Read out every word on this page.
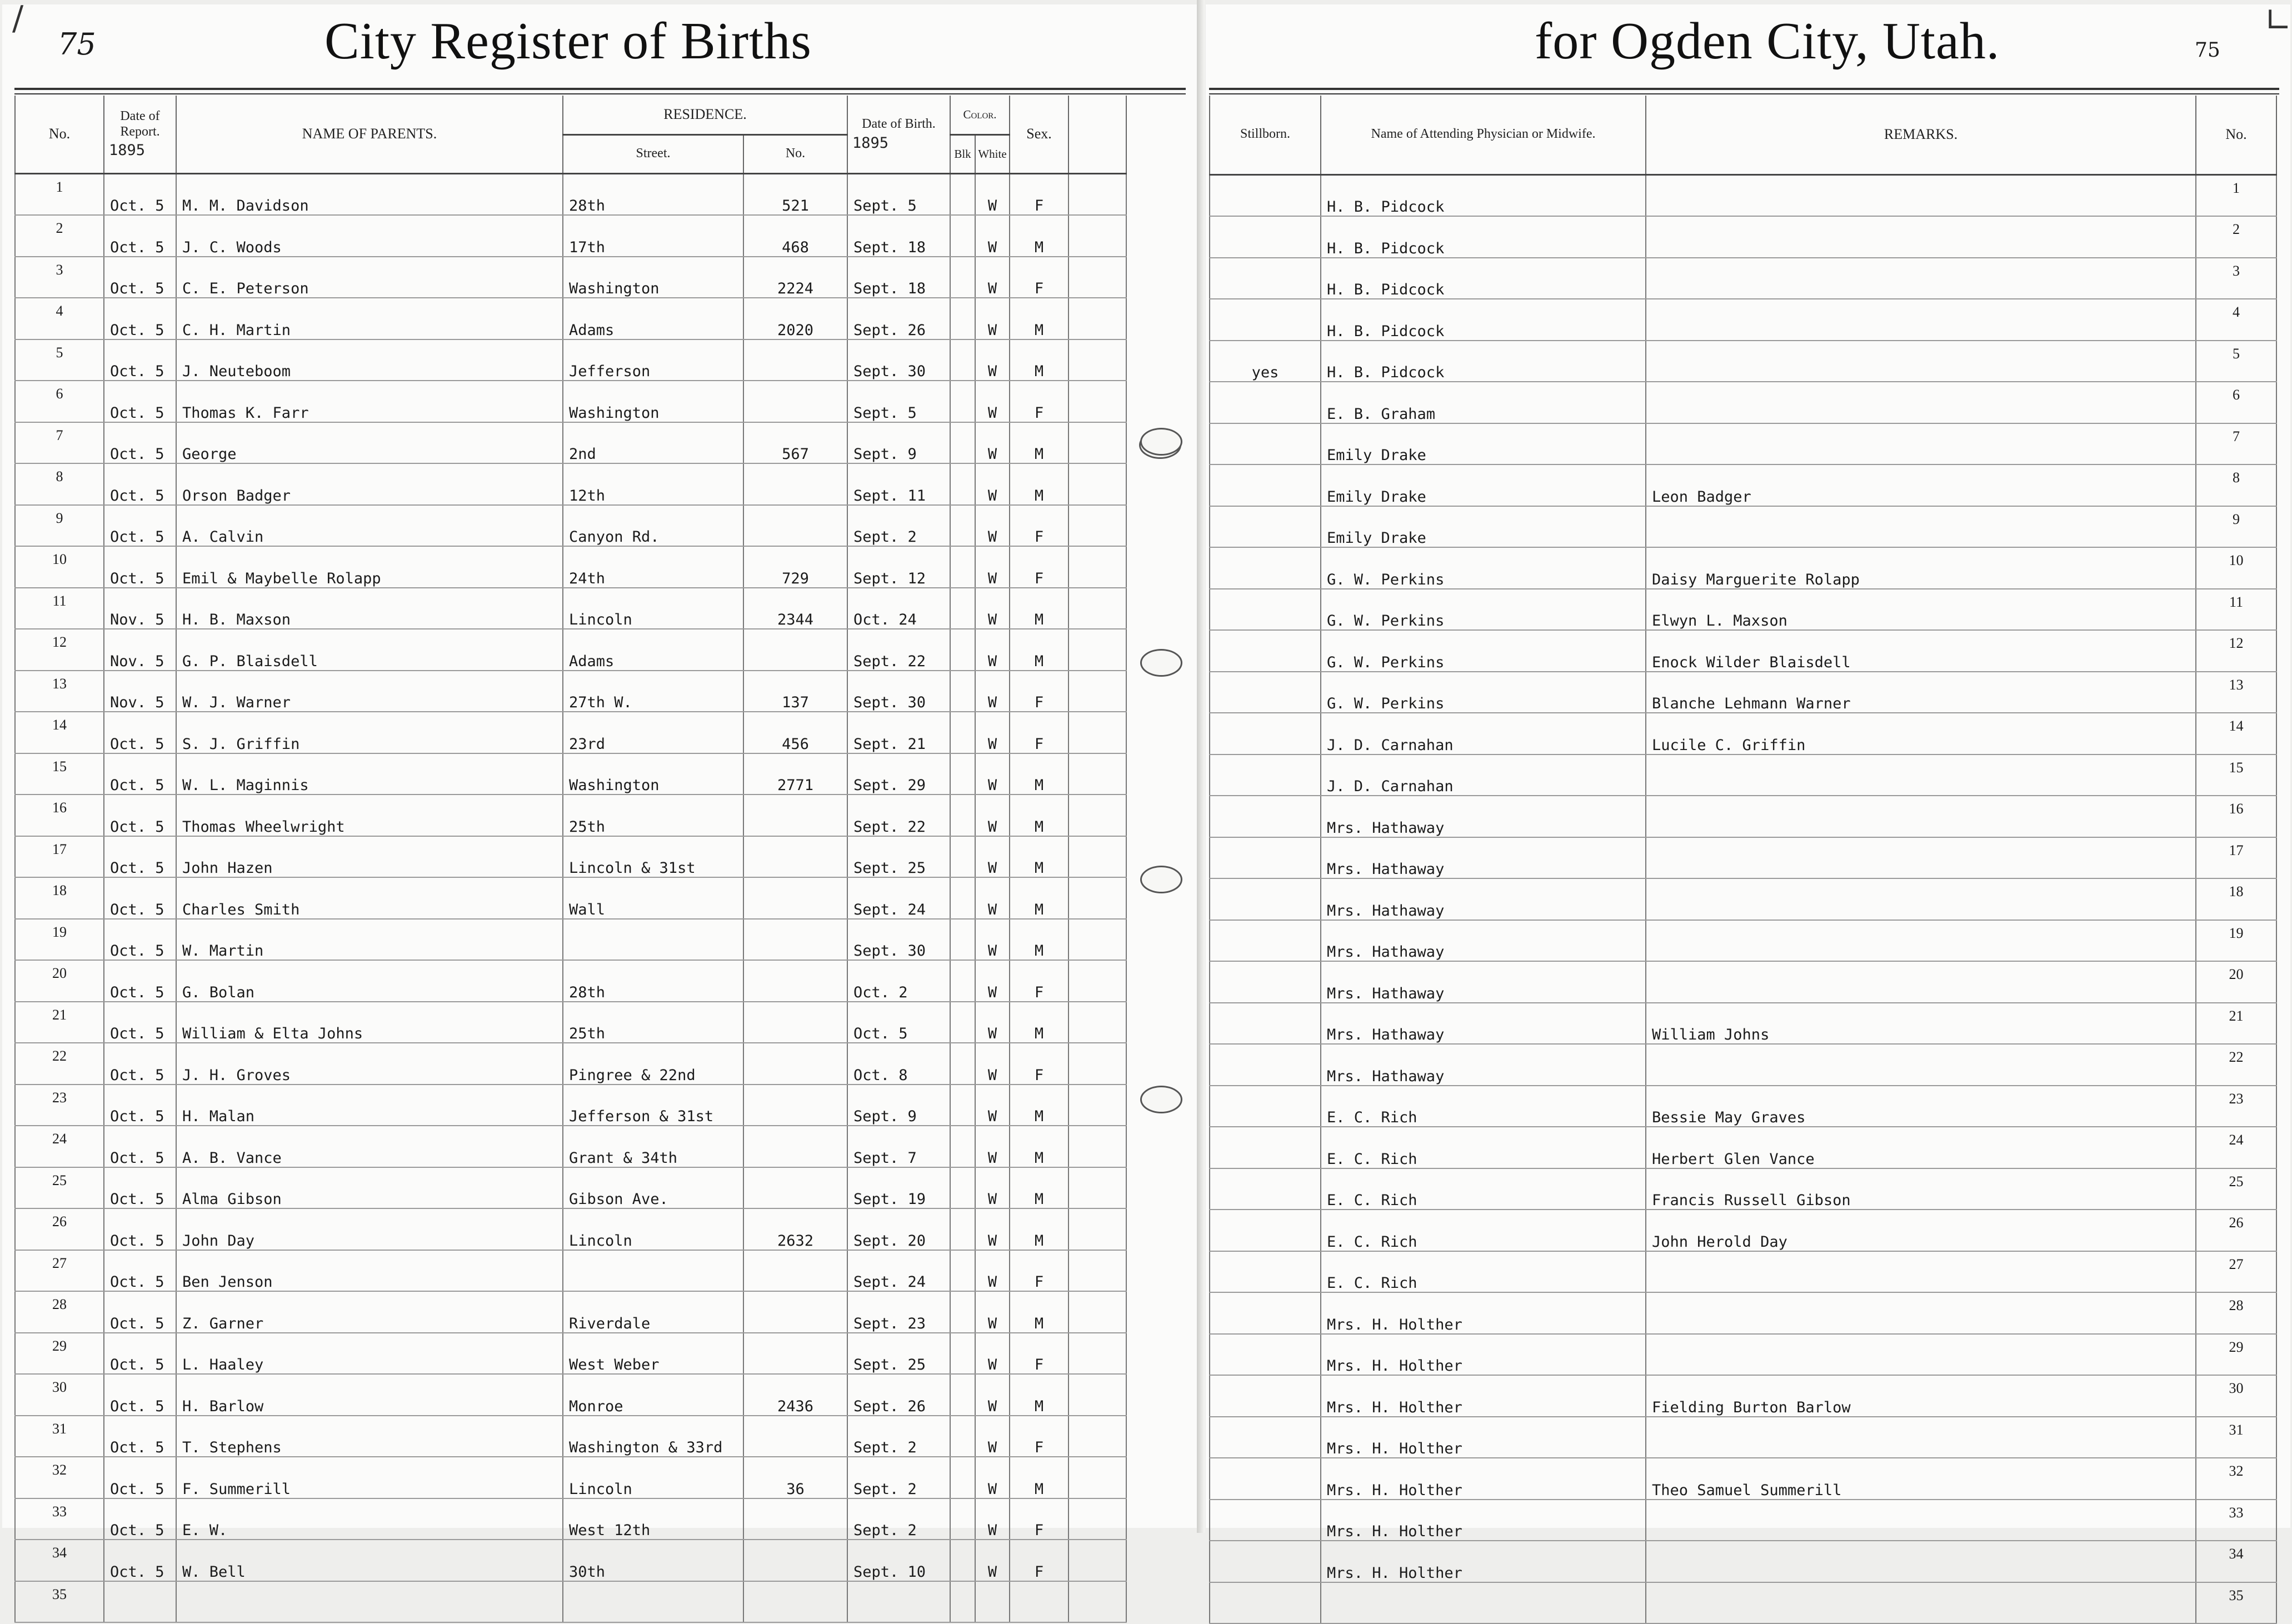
∕
75	City Register of Births
No.	Date of Report.
1895	NAME OF PARENTS.	RESIDENCE.		Date of Birth.
1895	Color.		Sex.	
			Street.	No.		Blk	White		
1	Oct. 5	M. M. Davidson	28th	521	Sept. 5		W	F	
2	Oct. 5	J. C. Woods	17th	468	Sept. 18		W	M	
3	Oct. 5	C. E. Peterson	Washington	2224	Sept. 18		W	F	
4	Oct. 5	C. H. Martin	Adams	2020	Sept. 26		W	M	
5	Oct. 5	J. Neuteboom	Jefferson		Sept. 30		W	M	
6	Oct. 5	Thomas K. Farr	Washington		Sept. 5		W	F	
7	Oct. 5	George	2nd	567	Sept. 9		W	M	
8	Oct. 5	Orson Badger	12th		Sept. 11		W	M	
9	Oct. 5	A. Calvin	Canyon Rd.		Sept. 2		W	F	
10	Oct. 5	Emil & Maybelle Rolapp	24th	729	Sept. 12		W	F	
11	Nov. 5	H. B. Maxson	Lincoln	2344	Oct. 24		W	M	
12	Nov. 5	G. P. Blaisdell	Adams		Sept. 22		W	M	
13	Nov. 5	W. J. Warner	27th W.	137	Sept. 30		W	F	
14	Oct. 5	S. J. Griffin	23rd	456	Sept. 21		W	F	
15	Oct. 5	W. L. Maginnis	Washington	2771	Sept. 29		W	M	
16	Oct. 5	Thomas Wheelwright	25th		Sept. 22		W	M	
17	Oct. 5	John Hazen	Lincoln & 31st		Sept. 25		W	M	
18	Oct. 5	Charles Smith	Wall		Sept. 24		W	M	
19	Oct. 5	W. Martin			Sept. 30		W	M	
20	Oct. 5	G. Bolan	28th		Oct. 2		W	F	
21	Oct. 5	William & Elta Johns	25th		Oct. 5		W	M	
22	Oct. 5	J. H. Groves	Pingree & 22nd		Oct. 8		W	F	
23	Oct. 5	H. Malan	Jefferson & 31st		Sept. 9		W	M	
24	Oct. 5	A. B. Vance	Grant & 34th		Sept. 7		W	M	
25	Oct. 5	Alma Gibson	Gibson Ave.		Sept. 19		W	M	
26	Oct. 5	John Day	Lincoln	2632	Sept. 20		W	M	
27	Oct. 5	Ben Jenson			Sept. 24		W	F	
28	Oct. 5	Z. Garner	Riverdale		Sept. 23		W	M	
29	Oct. 5	L. Haaley	West Weber		Sept. 25		W	F	
30	Oct. 5	H. Barlow	Monroe	2436	Sept. 26		W	M	
31	Oct. 5	T. Stephens	Washington & 33rd		Sept. 2		W	F	
32	Oct. 5	F. Summerill	Lincoln	36	Sept. 2		W	M	
33	Oct. 5	E. W.	West 12th		Sept. 2		W	F	
34	Oct. 5	W. Bell	30th		Sept. 10		W	F	
35									
for Ogden City, Utah.	75
∟
Stillborn.	Name of Attending Physician or Midwife.	REMARKS.	No.
	H. B. Pidcock		1
	H. B. Pidcock		2
	H. B. Pidcock		3
	H. B. Pidcock		4
yes	H. B. Pidcock		5
	E. B. Graham		6
	Emily Drake		7
	Emily Drake	Leon Badger	8
	Emily Drake		9
	G. W. Perkins	Daisy Marguerite Rolapp	10
	G. W. Perkins	Elwyn L. Maxson	11
	G. W. Perkins	Enock Wilder Blaisdell	12
	G. W. Perkins	Blanche Lehmann Warner	13
	J. D. Carnahan	Lucile C. Griffin	14
	J. D. Carnahan		15
	Mrs. Hathaway		16
	Mrs. Hathaway		17
	Mrs. Hathaway		18
	Mrs. Hathaway		19
	Mrs. Hathaway		20
	Mrs. Hathaway	William Johns	21
	Mrs. Hathaway		22
	E. C. Rich	Bessie May Graves	23
	E. C. Rich	Herbert Glen Vance	24
	E. C. Rich	Francis Russell Gibson	25
	E. C. Rich	John Herold Day	26
	E. C. Rich		27
	Mrs. H. Holther		28
	Mrs. H. Holther		29
	Mrs. H. Holther	Fielding Burton Barlow	30
	Mrs. H. Holther		31
	Mrs. H. Holther	Theo Samuel Summerill	32
	Mrs. H. Holther		33
	Mrs. H. Holther		34
			35
